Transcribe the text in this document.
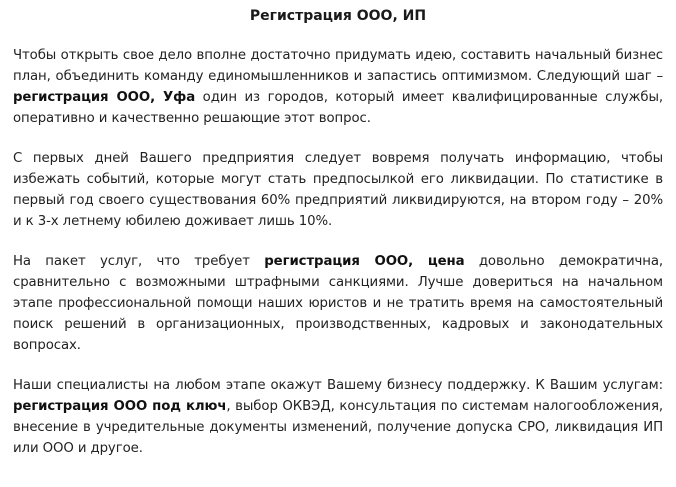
Регистрация ООО, ИП

Чтобы открыть свое дело вполне достаточно придумать идею, составить начальный бизнес план, объединить команду единомышленников и запастись оптимизмом. Следующий шаг – регистрация ООО, Уфа один из городов, который имеет квалифицированные службы, оперативно и качественно решающие этот вопрос.

С первых дней Вашего предприятия следует вовремя получать информацию, чтобы избежать событий, которые могут стать предпосылкой его ликвидации. По статистике в первый год своего существования 60% предприятий ликвидируются, на втором году – 20% и к 3-х летнему юбилею доживает лишь 10%.

На пакет услуг, что требует регистрация ООО, цена довольно демократична, сравнительно с возможными штрафными санкциями. Лучше довериться на начальном этапе профессиональной помощи наших юристов и не тратить время на самостоятельный поиск решений в организационных, производственных, кадровых и законодательных вопросах.

Наши специалисты на любом этапе окажут Вашему бизнесу поддержку. К Вашим услугам: регистрация ООО под ключ, выбор ОКВЭД, консультация по системам налогообложения, внесение в учредительные документы изменений, получение допуска СРО, ликвидация ИП или ООО и другое.
